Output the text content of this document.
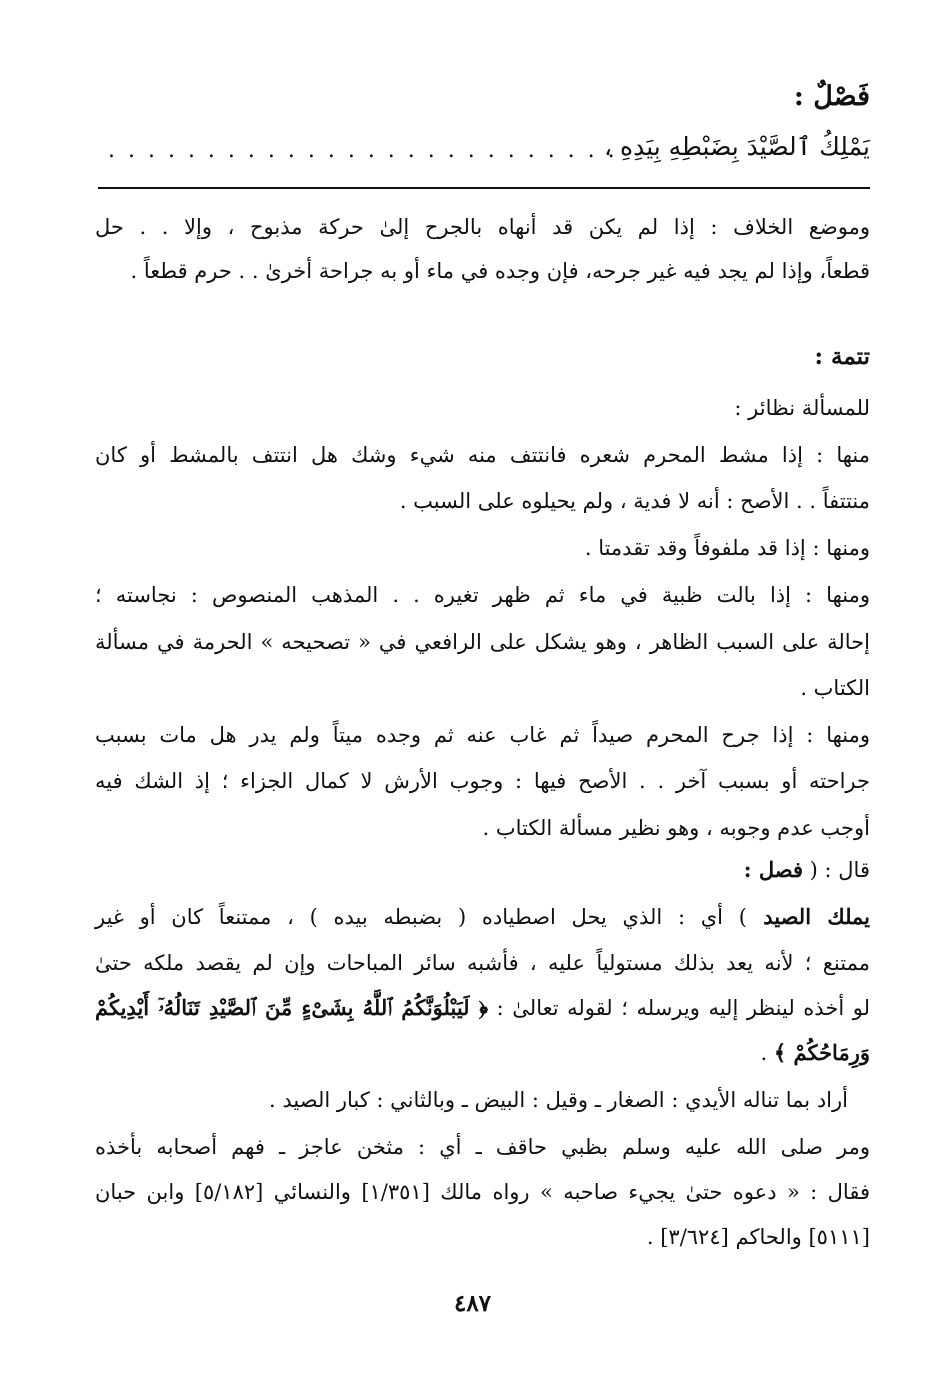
فَصْلٌ :
يَمْلِكُ ٱلصَّيْدَ بِضَبْطِهِ بِيَدِهِ ،
. . . . . . . . . . . . . . . . . . . . . . . . . .
وموضع الخلاف : إذا لم يكن قد أنهاه بالجرح إلىٰ حركة مذبوح ، وإلا . . حل
قطعاً، وإذا لم يجد فيه غير جرحه، فإن وجده في ماء أو به جراحة أخرىٰ . . حرم قطعاً .
تتمة :
للمسألة نظائر :
منها : إذا مشط المحرم شعره فانتتف منه شيء وشك هل انتتف بالمشط أو كان
منتتفاً . . الأصح : أنه لا فدية ، ولم يحيلوه على السبب .
ومنها : إذا قد ملفوفاً وقد تقدمتا .
ومنها : إذا بالت ظبية في ماء ثم ظهر تغيره . . المذهب المنصوص : نجاسته ؛
إحالة على السبب الظاهر ، وهو يشكل على الرافعي في « تصحيحه » الحرمة في مسألة
الكتاب .
ومنها : إذا جرح المحرم صيداً ثم غاب عنه ثم وجده ميتاً ولم يدر هل مات بسبب
جراحته أو بسبب آخر . . الأصح فيها : وجوب الأرش لا كمال الجزاء ؛ إذ الشك فيه
أوجب عدم وجوبه ، وهو نظير مسألة الكتاب .
قال : ( فصل :
يملك الصيد ) أي : الذي يحل اصطياده ( بضبطه بيده ) ، ممتنعاً كان أو غير
ممتنع ؛ لأنه يعد بذلك مستولياً عليه ، فأشبه سائر المباحات وإن لم يقصد ملكه حتىٰ
لو أخذه لينظر إليه ويرسله ؛ لقوله تعالىٰ : ﴿ لَيَبْلُوَنَّكُمُ ٱللَّهُ بِشَىْءٍ مِّنَ ٱلصَّيْدِ تَنَالُهُۥٓ أَيْدِيكُمْ
وَرِمَاحُكُمْ ﴾ .
أراد بما تناله الأيدي : الصغار ـ وقيل : البيض ـ وبالثاني : كبار الصيد .
ومر صلى الله عليه وسلم بظبي حاقف ـ أي : مثخن عاجز ـ فهم أصحابه بأخذه
فقال : « دعوه حتىٰ يجيء صاحبه » رواه مالك [١/٣٥١] والنسائي [٥/١٨٢] وابن حبان
[٥١١١] والحاكم [٣/٦٢٤] .
٤٨٧
